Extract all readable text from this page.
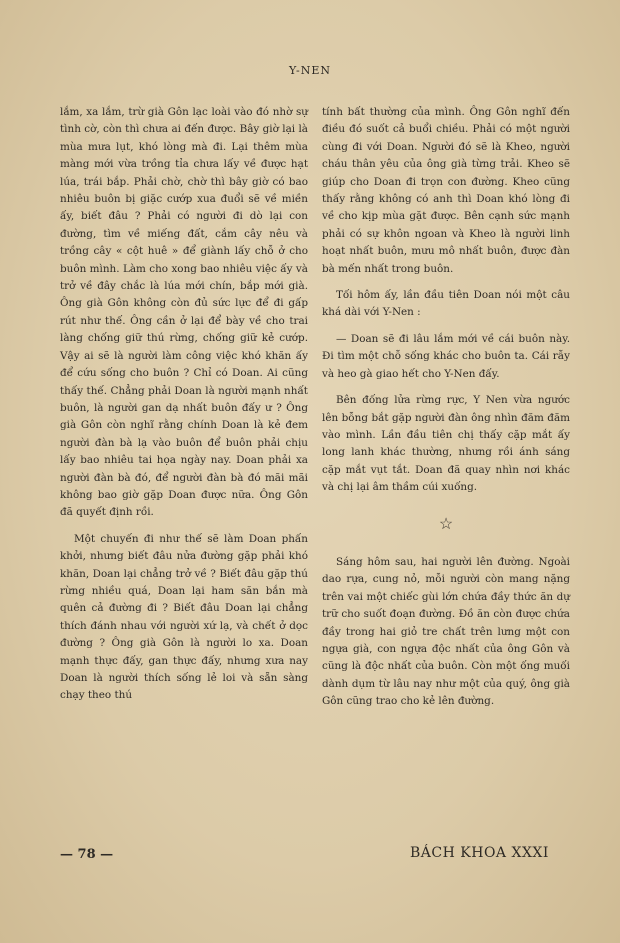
Y-NEN

lắm, xa lắm, trừ già Gôn lạc loài vào đó nhờ sự tình cờ, còn thì chưa ai đến được. Bây giờ lại là mùa mưa lụt, khó lòng mà đi. Lại thêm mùa màng mới vừa trồng tỉa chưa lấy về được hạt lúa, trái bắp. Phải chờ, chờ thì bây giờ có bao nhiêu buôn bị giặc cướp xua đuổi sẽ về miền ấy, biết đâu ? Phải có người đi dò lại con đường, tìm về miếng đất, cắm cây nêu và trồng cây « cột huê » để giành lấy chỗ ở cho buôn mình. Làm cho xong bao nhiêu việc ấy và trở về đây chắc là lúa mới chín, bắp mới già. Ông già Gôn không còn đủ sức lực để đi gấp rút như thế. Ông cần ở lại để bày về cho trai làng chống giữ thú rừng, chống giữ kẻ cướp. Vậy ai sẽ là người làm công việc khó khăn ấy để cứu sống cho buôn ? Chỉ có Doan. Ai cũng thấy thế. Chẳng phải Doan là người mạnh nhất buôn, là người gan dạ nhất buôn đấy ư ? Ông già Gôn còn nghĩ rằng chính Doan là kẻ đem người đàn bà lạ vào buôn để buôn phải chịu lấy bao nhiêu tai họa ngày nay. Doan phải xa người đàn bà đó, để người đàn bà đó mãi mãi không bao giờ gặp Doan được nữa. Ông Gôn đã quyết định rồi.

Một chuyến đi như thế sẽ làm Doan phấn khởi, nhưng biết đâu nửa đường gặp phải khó khăn, Doan lại chẳng trở về ? Biết đâu gặp thú rừng nhiều quá, Doan lại ham săn bắn mà quên cả đường đi ? Biết đâu Doan lại chẳng thích đánh nhau với người xứ lạ, và chết ở dọc đường ? Ông già Gôn là người lo xa. Doan mạnh thực đấy, gan thực đấy, nhưng xưa nay Doan là người thích sống lẻ loi và sẵn sàng chạy theo thú

tính bất thường của mình. Ông Gôn nghĩ đến điều đó suốt cả buổi chiều. Phải có một người cùng đi với Doan. Người đó sẽ là Kheo, người cháu thân yêu của ông già từng trải. Kheo sẽ giúp cho Doan đi trọn con đường. Kheo cũng thấy rằng không có anh thì Doan khó lòng đi về cho kịp mùa gặt được. Bên cạnh sức mạnh phải có sự khôn ngoan và Kheo là người linh hoạt nhất buôn, mưu mô nhất buôn, được đàn bà mến nhất trong buôn.

Tối hôm ấy, lần đầu tiên Doan nói một câu khá dài với Y-Nen :

— Doan sẽ đi lâu lắm mới về cái buôn này. Đi tìm một chỗ sống khác cho buôn ta. Cái rẫy và heo gà giao hết cho Y-Nen đấy.

Bên đống lửa rừng rực, Y Nen vừa ngước lên bỗng bắt gặp người đàn ông nhìn đăm đăm vào mình. Lần đầu tiên chị thấy cặp mắt ấy long lanh khác thường, nhưng rồi ánh sáng cặp mắt vụt tắt. Doan đã quay nhìn nơi khác và chị lại âm thầm cúi xuống.

☆

Sáng hôm sau, hai người lên đường. Ngoài dao rựa, cung nỏ, mỗi người còn mang nặng trên vai một chiếc gùi lớn chứa đầy thức ăn dự trữ cho suốt đoạn đường. Đồ ăn còn được chứa đầy trong hai giỏ tre chất trên lưng một con ngựa già, con ngựa độc nhất của ông Gôn và cũng là độc nhất của buôn. Còn một ống muối dành dụm từ lâu nay như một của quý, ông già Gôn cũng trao cho kẻ lên đường.

— 78 —	BÁCH KHOA XXXI
